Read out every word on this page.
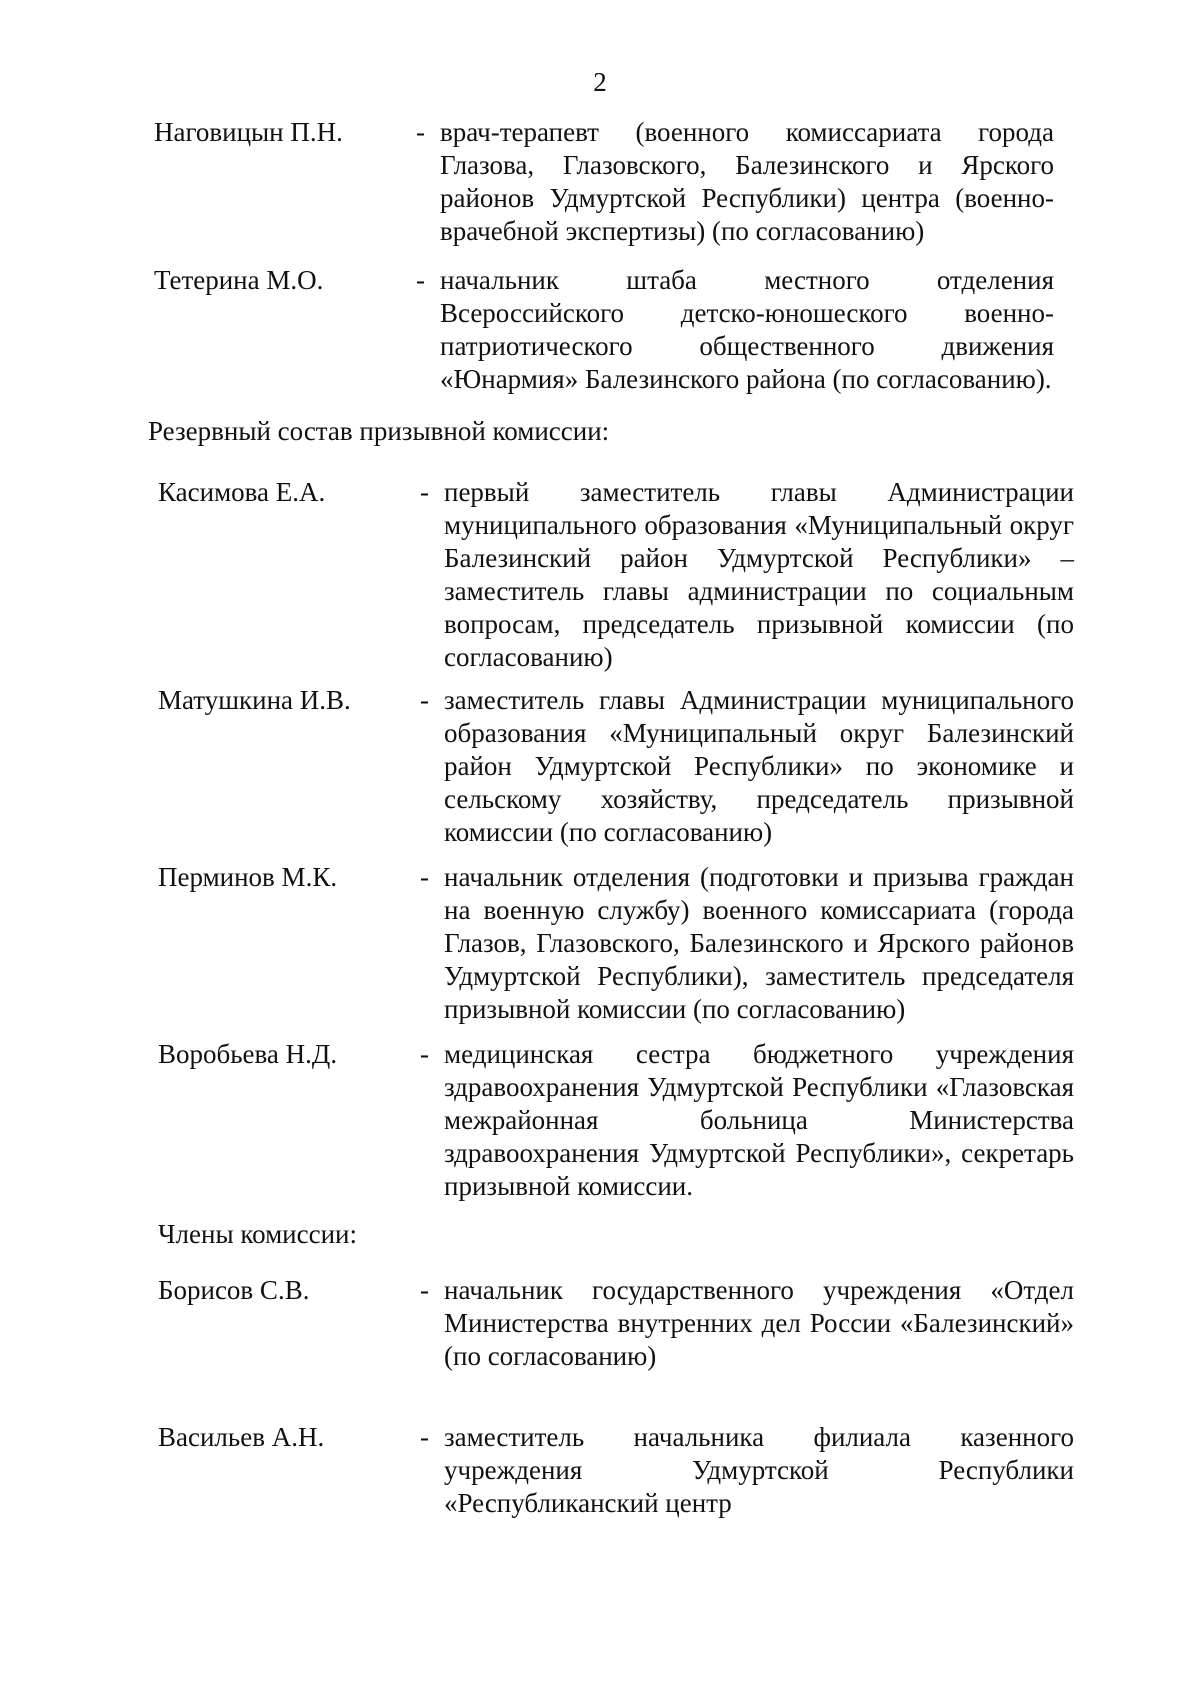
2
Наговицын П.Н.	- врач-терапевт (военного комиссариата города Глазова, Глазовского, Балезинского и Ярского районов Удмуртской Республики) центра (военно-врачебной экспертизы) (по согласованию)
Тетерина М.О.	- начальник штаба местного отделения Всероссийского детско-юношеского военно-патриотического общественного движения «Юнармия» Балезинского района (по согласованию).
Резервный состав призывной комиссии:
Касимова Е.А.	- первый заместитель главы Администрации муниципального образования «Муниципальный округ Балезинский район Удмуртской Республики» – заместитель главы администрации по социальным вопросам, председатель призывной комиссии (по согласованию)
Матушкина И.В.	- заместитель главы Администрации муниципального образования «Муниципальный округ Балезинский район Удмуртской Республики» по экономике и сельскому хозяйству, председатель призывной комиссии (по согласованию)
Перминов М.К.	- начальник отделения (подготовки и призыва граждан на военную службу) военного комиссариата (города Глазов, Глазовского, Балезинского и Ярского районов Удмуртской Республики), заместитель председателя призывной комиссии (по согласованию)
Воробьева Н.Д.	- медицинская сестра бюджетного учреждения здравоохранения Удмуртской Республики «Глазовская межрайонная больница Министерства здравоохранения Удмуртской Республики», секретарь призывной комиссии.
Члены комиссии:
Борисов С.В.	- начальник государственного учреждения «Отдел Министерства внутренних дел России «Балезинский» (по согласованию)
Васильев А.Н.	- заместитель начальника филиала казенного учреждения Удмуртской Республики «Республиканский центр
